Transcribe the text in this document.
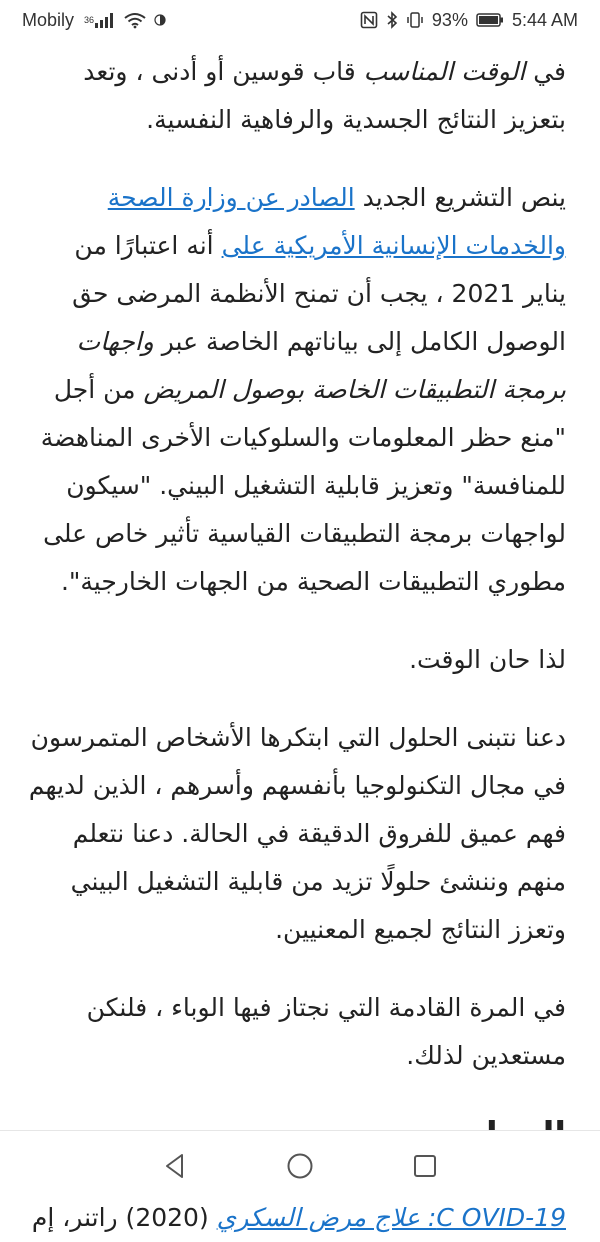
Mobily 36	93% 5:44 AM

في الوقت المناسب قاب قوسين أو أدنى ، وتعد بتعزيز النتائج الجسدية والرفاهية النفسية.

ينص التشريع الجديد الصادر عن وزارة الصحة والخدمات الإنسانية الأمريكية على أنه اعتبارًا من يناير 2021 ، يجب أن تمنح الأنظمة المرضى حق الوصول الكامل إلى بياناتهم الخاصة عبر واجهات برمجة التطبيقات الخاصة بوصول المريض من أجل "منع حظر المعلومات والسلوكيات الأخرى المناهضة للمنافسة" وتعزيز قابلية التشغيل البيني. "سيكون لواجهات برمجة التطبيقات القياسية تأثير خاص على مطوري التطبيقات الصحية من الجهات الخارجية".

لذا حان الوقت.

دعنا نتبنى الحلول التي ابتكرها الأشخاص المتمرسون في مجال التكنولوجيا بأنفسهم وأسرهم ، الذين لديهم فهم عميق للفروق الدقيقة في الحالة. دعنا نتعلم منهم وننشئ حلولًا تزيد من قابلية التشغيل البيني وتعزز النتائج لجميع المعنيين.

في المرة القادمة التي نجتاز فيها الوباء ، فلنكن مستعدين لذلك.

C OVID-19: علاج مرض السكري (2020) راتنر، إم
